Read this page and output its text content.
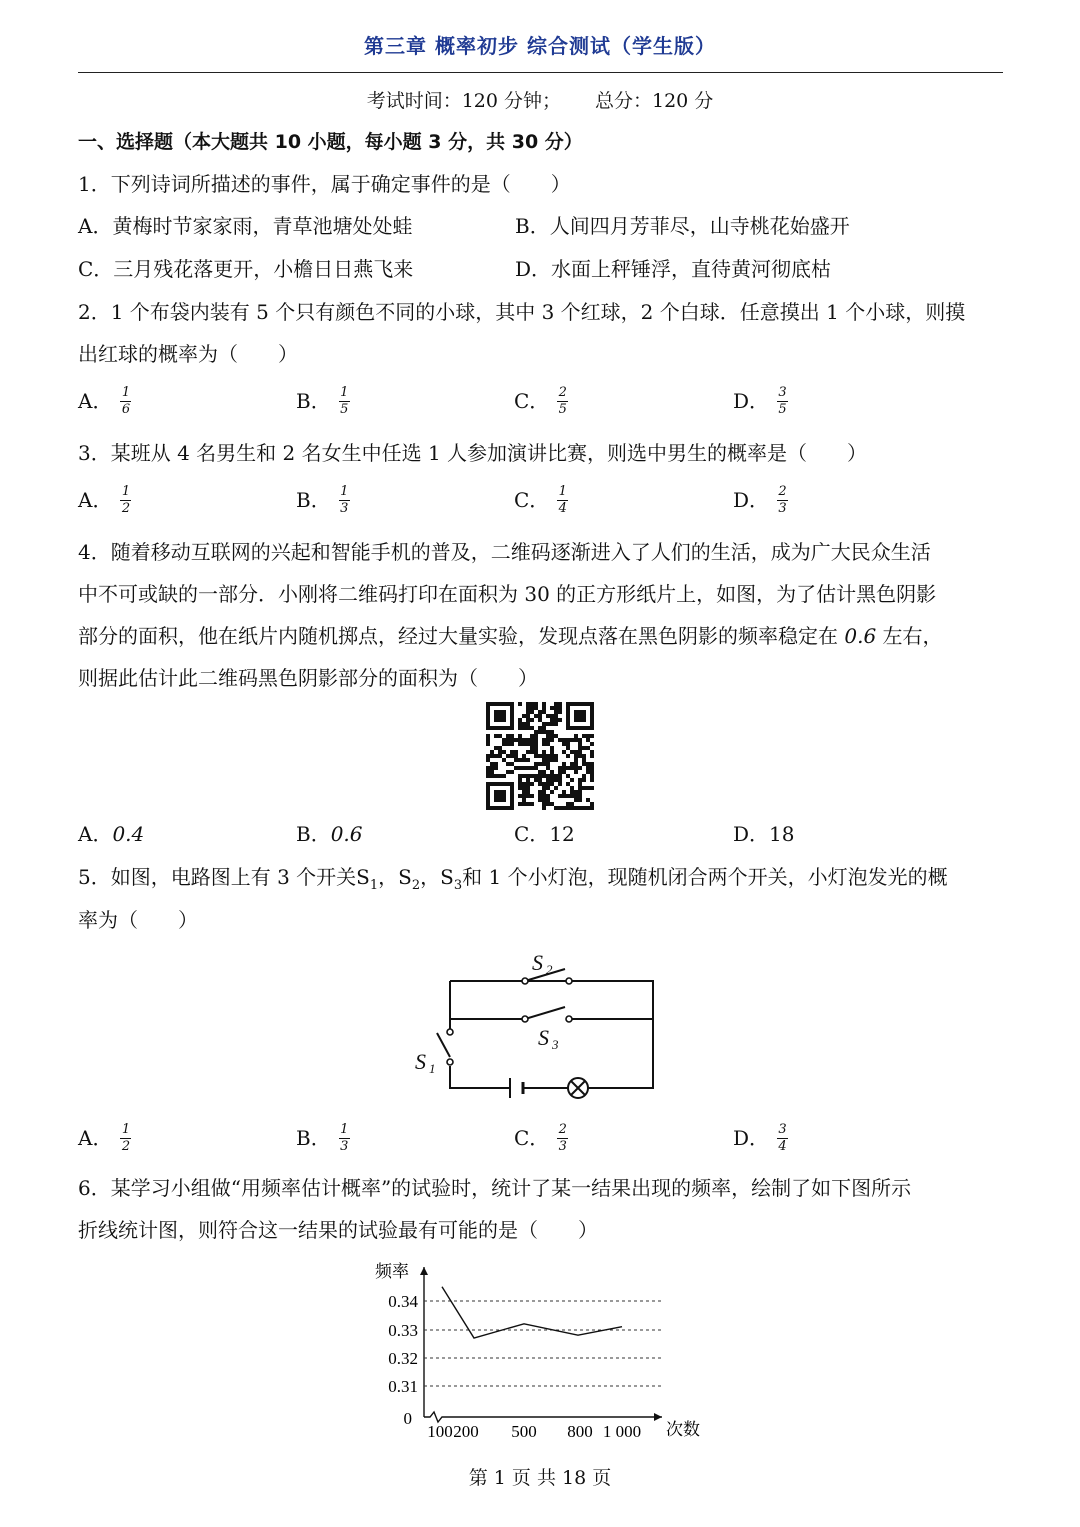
第三章 概率初步 综合测试（学生版）
考试时间：120 分钟； 总分：120 分
一、选择题（本大题共 10 小题，每小题 3 分，共 30 分）
1．下列诗词所描述的事件，属于确定事件的是（　　）
A．黄梅时节家家雨，青草池塘处处蛙	B．人间四月芳菲尽，山寺桃花始盛开
C．三月残花落更开，小檐日日燕飞来	D．水面上秤锤浮，直待黄河彻底枯
2．1 个布袋内装有 5 个只有颜色不同的小球，其中 3 个红球，2 个白球．任意摸出 1 个小球，则摸
出红球的概率为（　　）
A． $\frac{1}{6}$	B． $\frac{1}{5}$	C． $\frac{2}{5}$	D． $\frac{3}{5}$
3．某班从 4 名男生和 2 名女生中任选 1 人参加演讲比赛，则选中男生的概率是（　　）
A． $\frac{1}{2}$	B． $\frac{1}{3}$	C． $\frac{1}{4}$	D． $\frac{2}{3}$
4．随着移动互联网的兴起和智能手机的普及，二维码逐渐进入了人们的生活，成为广大民众生活
中不可或缺的一部分．小刚将二维码打印在面积为 30 的正方形纸片上，如图，为了估计黑色阴影
部分的面积，他在纸片内随机掷点，经过大量实验，发现点落在黑色阴影的频率稳定在 0.6 左右，
则据此估计此二维码黑色阴影部分的面积为（　　）
A． 0.4	B． 0.6	C． 12	D． 18
5．如图，电路图上有 3 个开关$S_1$，$S_2$，$S_3$和 1 个小灯泡，现随机闭合两个开关，小灯泡发光的概
率为（　　）
S 2
S 3
S 1
A． $\frac{1}{2}$	B． $\frac{1}{3}$	C． $\frac{2}{3}$	D． $\frac{3}{4}$
6．某学习小组做“用频率估计概率”的试验时，统计了某一结果出现的频率，绘制了如下图所示
折线统计图，则符合这一结果的试验最有可能的是（　　）
0.34
0.33
0.32
0.31
0
频率
次数
100 200 500 800 1 000
第 1 页 共 18 页
